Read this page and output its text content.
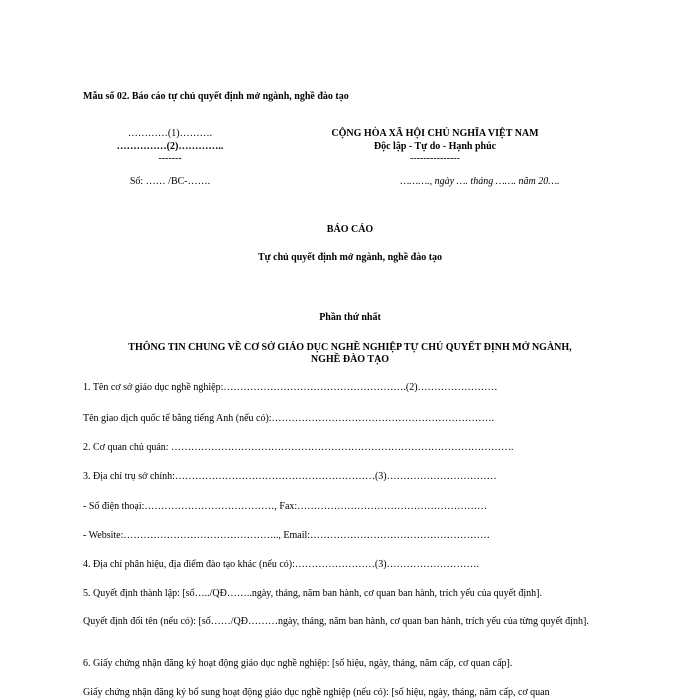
Mẫu số 02. Báo cáo tự chủ quyết định mở ngành, nghề đào tạo
…………(1)……….
……………(2)…………..
-------
Số: …… /BC-…….
CỘNG HÒA XÃ HỘI CHỦ NGHĨA VIỆT NAM
Độc lập - Tự do - Hạnh phúc
---------------
………., ngày …. tháng ……. năm 20….
BÁO CÁO
Tự chủ quyết định mở ngành, nghề đào tạo
Phần thứ nhất
THÔNG TIN CHUNG VỀ CƠ SỞ GIÁO DỤC NGHỀ NGHIỆP TỰ CHỦ QUYẾT ĐỊNH MỞ NGÀNH,
NGHỀ ĐÀO TẠO
1. Tên cơ sở giáo dục nghề nghiệp:……………………………………………….(2)……………………
Tên giao dịch quốc tế bằng tiếng Anh (nếu có):………………………………………………………….
2. Cơ quan chủ quản: ………………………………………………………………………………………….
3. Địa chỉ trụ sở chính:……………………………………………………(3)……………………………
- Số điện thoại:…………………………………, Fax:…………………………………………………
- Website:……………………………………….., Email:………………………………………………
4. Địa chỉ phân hiệu, địa điểm đào tạo khác (nếu có):……………………(3)……………………….
5. Quyết định thành lập: [số…../QĐ……..ngày, tháng, năm ban hành, cơ quan ban hành, trích yếu của quyết định].
Quyết định đổi tên (nếu có): [số……/QĐ………ngày, tháng, năm ban hành, cơ quan ban hành, trích yếu của từng quyết định].
6. Giấy chứng nhận đăng ký hoạt động giáo dục nghề nghiệp: [số hiệu, ngày, tháng, năm cấp, cơ quan cấp].
Giấy chứng nhận đăng ký bổ sung hoạt động giáo dục nghề nghiệp (nếu có): [số hiệu, ngày, tháng, năm cấp, cơ quan
